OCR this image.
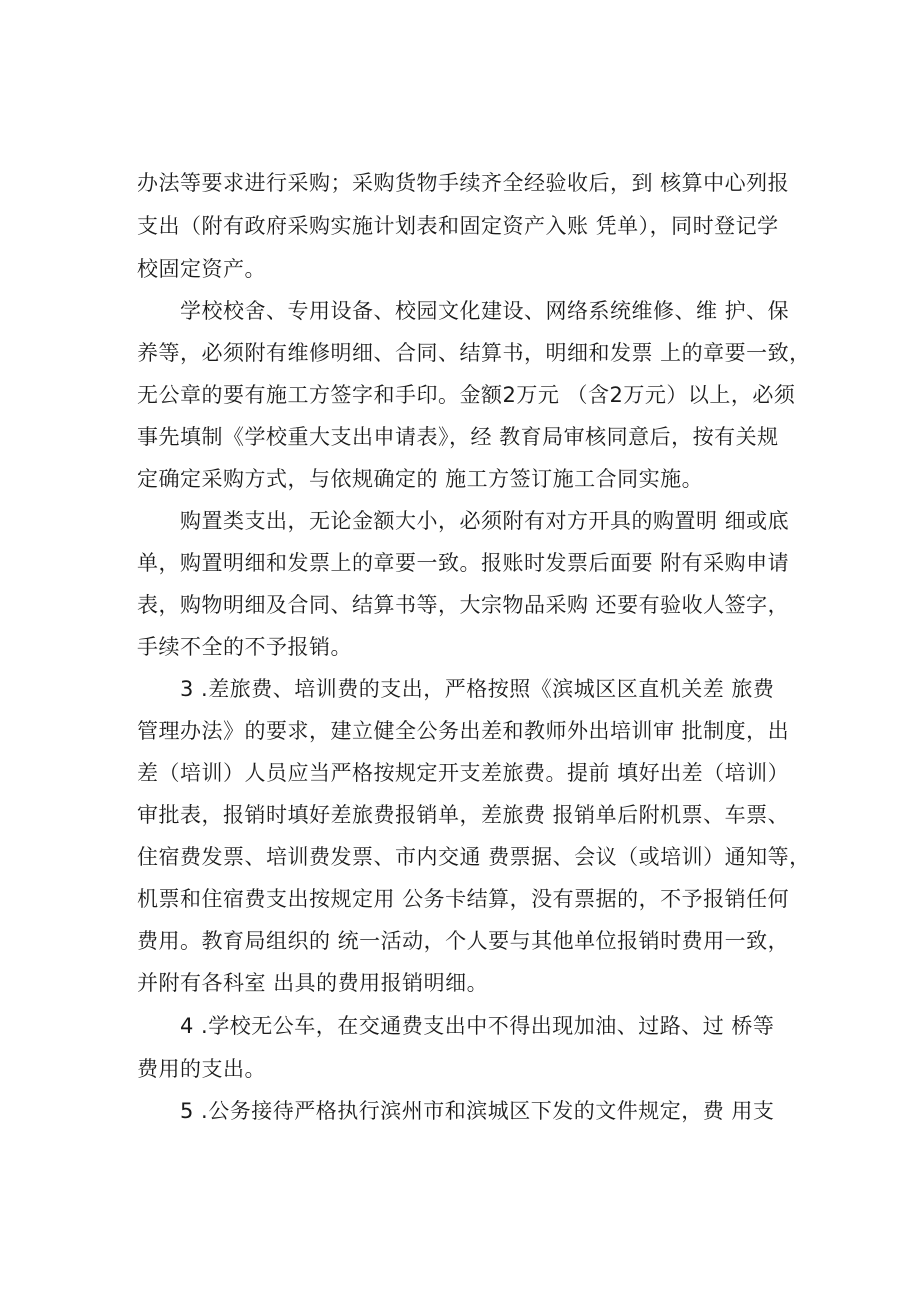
办法等要求进行采购；采购货物手续齐全经验收后，到 核算中心列报
支出（附有政府采购实施计划表和固定资产入账 凭单），同时登记学
校固定资产。
学校校舍、专用设备、校园文化建设、网络系统维修、维 护、保
养等，必须附有维修明细、合同、结算书，明细和发票 上的章要一致，
无公章的要有施工方签字和手印。金额2万元 （含2万元）以上，必须
事先填制《学校重大支出申请表》，经 教育局审核同意后，按有关规
定确定采购方式，与依规确定的 施工方签订施工合同实施。
购置类支出，无论金额大小，必须附有对方开具的购置明 细或底
单，购置明细和发票上的章要一致。报账时发票后面要 附有采购申请
表，购物明细及合同、结算书等，大宗物品采购 还要有验收人签字，
手续不全的不予报销。
3 .差旅费、培训费的支出，严格按照《滨城区区直机关差 旅费
管理办法》的要求，建立健全公务出差和教师外出培训审 批制度，出
差（培训）人员应当严格按规定开支差旅费。提前 填好出差（培训）
审批表，报销时填好差旅费报销单，差旅费 报销单后附机票、车票、
住宿费发票、培训费发票、市内交通 费票据、会议（或培训）通知等，
机票和住宿费支出按规定用 公务卡结算，没有票据的，不予报销任何
费用。教育局组织的 统一活动，个人要与其他单位报销时费用一致，
并附有各科室 出具的费用报销明细。
4 .学校无公车，在交通费支出中不得出现加油、过路、过 桥等
费用的支出。
5 .公务接待严格执行滨州市和滨城区下发的文件规定，费 用支
